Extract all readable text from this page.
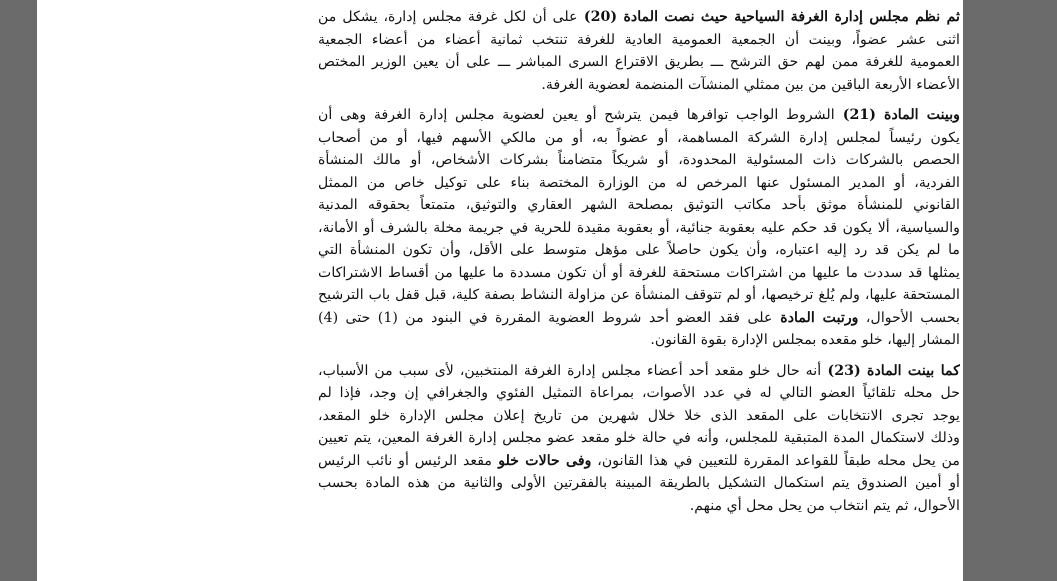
ثم نظم مجلس إدارة الغرفة السياحية حيث نصت المادة (20) على أن لكل غرفة مجلس إدارة، يشكل من
اثنى عشر عضواً، وبينت أن الجمعية العمومية العادية للغرفة تنتخب ثمانية أعضاء من أعضاء الجمعية
العمومية للغرفة ممن لهم حق الترشح ـــ بطريق الاقتراع السرى المباشر ـــ على أن يعين الوزير المختص
الأعضاء الأربعة الباقين من بين ممثلي المنشآت المنضمة لعضوية الغرفة.
وبينت المادة (21) الشروط الواجب توافرها فيمن يترشح أو يعين لعضوية مجلس إدارة الغرفة وهى أن
يكون رئيساً لمجلس إدارة الشركة المساهمة، أو عضواً به، أو من مالكي الأسهم فيها، أو من أصحاب
الحصص بالشركات ذات المسئولية المحدودة، أو شريكاً متضامناً بشركات الأشخاص، أو مالك المنشأة
الفردية، أو المدير المسئول عنها المرخص له من الوزارة المختصة بناء على توكيل خاص من الممثل
القانوني للمنشأة موثق بأحد مكاتب التوثيق بمصلحة الشهر العقاري والتوثيق، متمتعاً بحقوقه المدنية
والسياسية، ألا يكون قد حكم عليه بعقوبة جنائية، أو بعقوبة مقيدة للحرية في جريمة مخلة بالشرف أو الأمانة،
ما لم يكن قد رد إليه اعتباره، وأن يكون حاصلاً على مؤهل متوسط على الأقل، وأن تكون المنشأة التي
يمثلها قد سددت ما عليها من اشتراكات مستحقة للغرفة أو أن تكون مسددة ما عليها من أقساط الاشتراكات
المستحقة عليها، ولم يُلغ ترخيصها، أو لم تتوقف المنشأة عن مزاولة النشاط بصفة كلية، قبل قفل باب الترشيح
بحسب الأحوال، ورتبت المادة على فقد العضو أحد شروط العضوية المقررة في البنود من (1) حتى (4)
المشار إليها، خلو مقعده بمجلس الإدارة بقوة القانون.
كما بينت المادة (23) أنه حال خلو مقعد أحد أعضاء مجلس إدارة الغرفة المنتخبين، لأى سبب من الأسباب،
حل محله تلقائياً العضو التالي له في عدد الأصوات، بمراعاة التمثيل الفئوي والجغرافي إن وجد، فإذا لم
يوجد تجرى الانتخابات على المقعد الذى خلا خلال شهرين من تاريخ إعلان مجلس الإدارة خلو المقعد،
وذلك لاستكمال المدة المتبقية للمجلس، وأنه في حالة خلو مقعد عضو مجلس إدارة الغرفة المعين، يتم تعيين
من يحل محله طبقاً للقواعد المقررة للتعيين في هذا القانون، وفى حالات خلو مقعد الرئيس أو نائب الرئيس
أو أمين الصندوق يتم استكمال التشكيل بالطريقة المبينة بالفقرتين الأولى والثانية من هذه المادة بحسب
الأحوال، ثم يتم انتخاب من يحل محل أي منهم.
